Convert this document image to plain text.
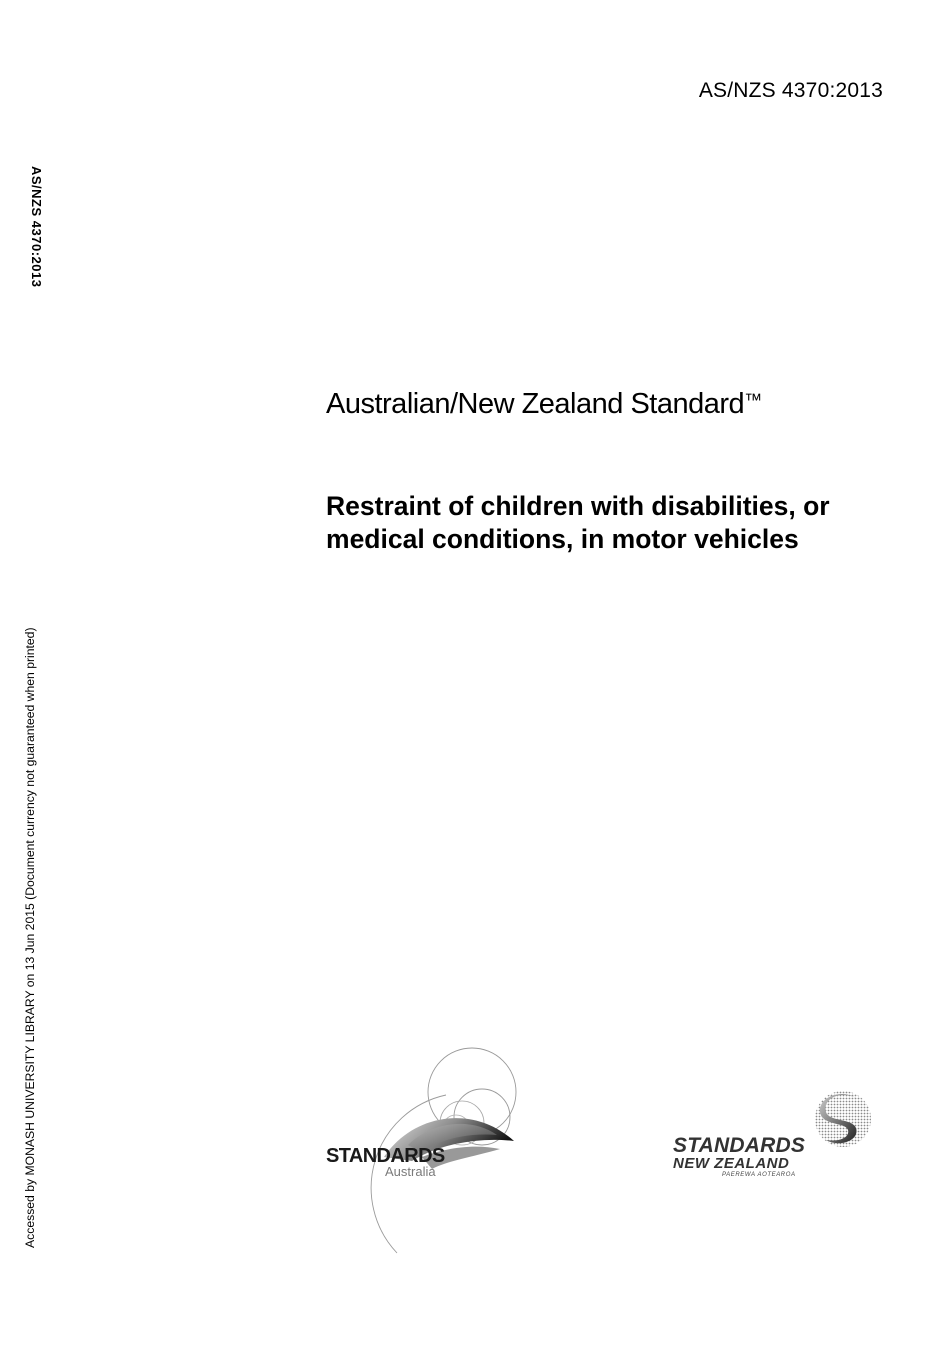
AS/NZS 4370:2013
AS/NZS 4370:2013
Accessed by MONASH UNIVERSITY LIBRARY on 13 Jun 2015 (Document currency not guaranteed when printed)
Australian/New Zealand Standard™
Restraint of children with disabilities, or
medical conditions, in motor vehicles
STANDARDS
Australia
STANDARDS
NEW ZEALAND
PAEREWA AOTEAROA
